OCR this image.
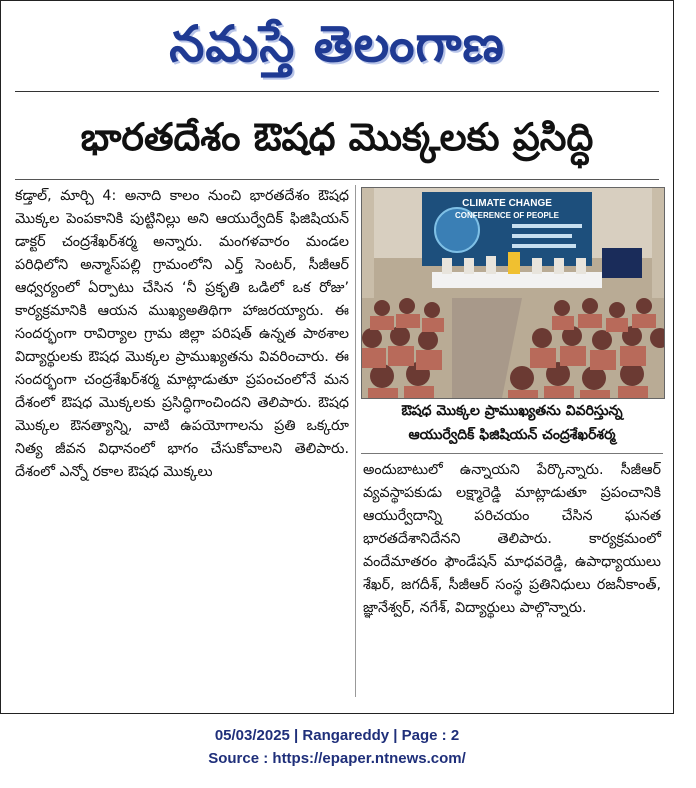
నమస్తే తెలంగాణ
భారతదేశం ఔషధ మొక్కలకు ప్రసిద్ధి

కడ్తాల్, మార్చి 4: అనాది కాలం నుంచి భారతదేశం ఔషధ మొక్కల పెంపకానికి పుట్టినిల్లు అని ఆయుర్వేదిక్ ఫిజిషియన్ డాక్టర్ చంద్రశేఖర్‌శర్మ అన్నారు. మంగళవారం మండల పరిధిలోని అన్మాస్‌పల్లి గ్రామంలోని ఎర్త్ సెంటర్, సీజీఆర్ ఆధ్వర్యంలో ఏర్పాటు చేసిన ‘నీ ప్రకృతి ఒడిలో ఒక రోజు’ కార్యక్రమానికి ఆయన ముఖ్యఅతిథిగా హాజరయ్యారు. ఈ సందర్భంగా రావిర్యాల గ్రామ జిల్లా పరిషత్ ఉన్నత పాఠశాల విద్యార్థులకు ఔషధ మొక్కల ప్రాముఖ్యతను వివరించారు. ఈ సందర్భంగా చంద్రశేఖర్‌శర్మ మాట్లాడుతూ ప్రపంచంలోనే మన దేశంలో ఔషధ మొక్కలకు ప్రసిద్ధిగాంచిందని తెలిపారు. ఔషధ మొక్కల ఔనత్యాన్ని, వాటి ఉపయోగాలను ప్రతి ఒక్కరూ నిత్య జీవన విధానంలో భాగం చేసుకోవాలని తెలిపారు. దేశంలో ఎన్నో రకాల ఔషధ మొక్కలు

CLIMATE CHANGE
CONFERENCE OF PEOPLE
ఔషధ మొక్కల ప్రాముఖ్యతను వివరిస్తున్న
ఆయుర్వేదిక్ ఫిజిషియన్ చంద్రశేఖర్‌శర్మ

అందుబాటులో ఉన్నాయని పేర్కొన్నారు. సీజీఆర్ వ్యవస్థాపకుడు లక్ష్మారెడ్డి మాట్లాడుతూ ప్రపంచానికి ఆయుర్వేదాన్ని పరిచయం చేసిన ఘనత భారతదేశానిదేనని తెలిపారు. కార్యక్రమంలో వందేమాతరం ఫౌండేషన్ మాధవరెడ్డి, ఉపాధ్యాయులు శేఖర్, జగదీశ్, సీజీఆర్ సంస్థ ప్రతినిధులు రజనీకాంత్, జ్ఞానేశ్వర్, నగేశ్, విద్యార్థులు పాల్గొన్నారు.

05/03/2025 | Rangareddy | Page : 2
Source : https://epaper.ntnews.com/
